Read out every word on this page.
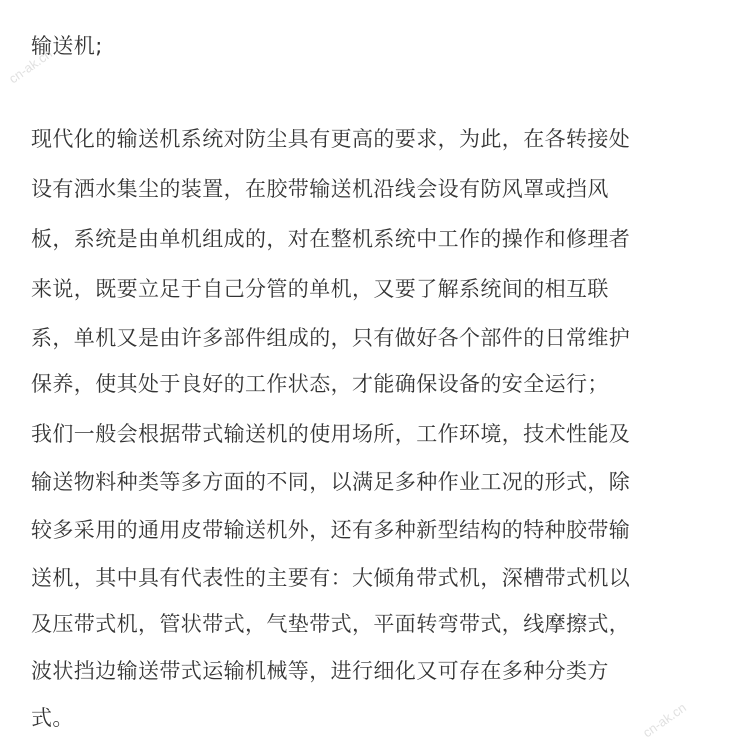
输送机;
现代化的输送机系统对防尘具有更高的要求，为此，在各转接处
设有洒水集尘的装置，在胶带输送机沿线会设有防风罩或挡风
板，系统是由单机组成的，对在整机系统中工作的操作和修理者
来说，既要立足于自己分管的单机，又要了解系统间的相互联
系，单机又是由许多部件组成的，只有做好各个部件的日常维护
保养，使其处于良好的工作状态，才能确保设备的安全运行；
我们一般会根据带式输送机的使用场所，工作环境，技术性能及
输送物料种类等多方面的不同，以满足多种作业工况的形式，除
较多采用的通用皮带输送机外，还有多种新型结构的特种胶带输
送机，其中具有代表性的主要有：大倾角带式机，深槽带式机以
及压带式机，管状带式，气垫带式，平面转弯带式，线摩擦式，
波状挡边输送带式运输机械等，进行细化又可存在多种分类方
式。
cn-ak.cn
cn-ak.cn
